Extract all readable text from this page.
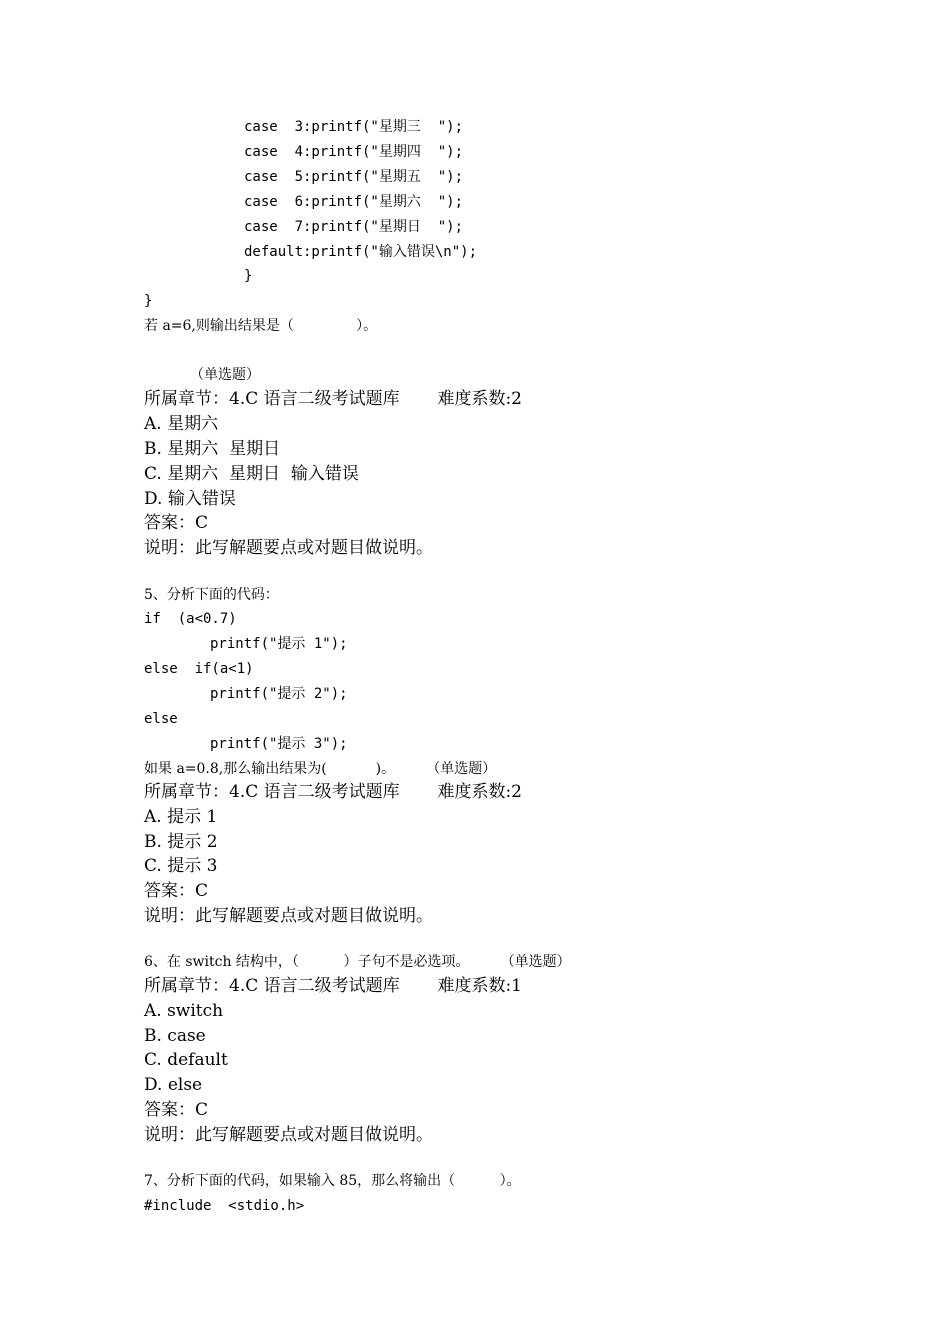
case  3:printf("星期三  ");
case  4:printf("星期四  ");
case  5:printf("星期五  ");
case  6:printf("星期六  ");
case  7:printf("星期日  ");
default:printf("输入错误\n");
}
}
若 a=6,则输出结果是（              ）。
（单选题）
所属章节：4.C 语言二级考试题库       难度系数:2
A. 星期六
B. 星期六  星期日
C. 星期六  星期日  输入错误
D. 输入错误
答案：C
说明：此写解题要点或对题目做说明。
5、分析下面的代码：
if  (a<0.7)
printf("提示 1");
else  if(a<1)
printf("提示 2");
else
printf("提示 3");
如果 a=0.8,那么输出结果为(           )。       （单选题）
所属章节：4.C 语言二级考试题库       难度系数:2
A. 提示 1
B. 提示 2
C. 提示 3
答案：C
说明：此写解题要点或对题目做说明。
6、在 switch 结构中，（          ）子句不是必选项。       （单选题）
所属章节：4.C 语言二级考试题库       难度系数:1
A. switch
B. case
C. default
D. else
答案：C
说明：此写解题要点或对题目做说明。
7、分析下面的代码，如果输入 85，那么将输出（          ）。
#include  <stdio.h>
